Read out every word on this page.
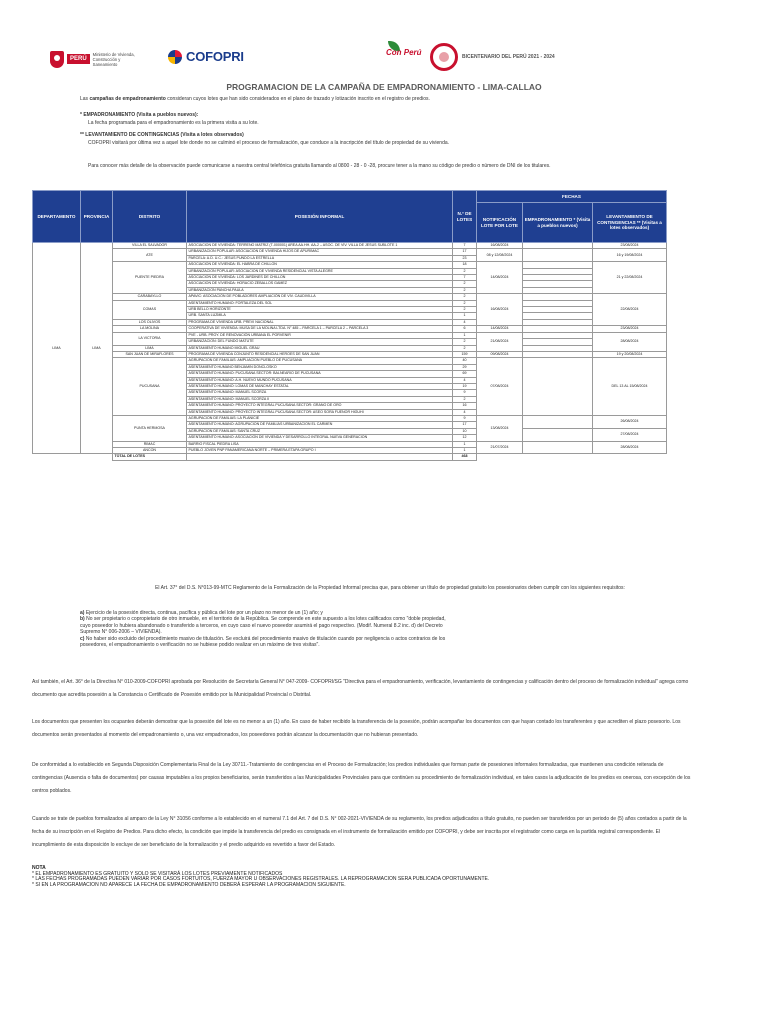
PERÚ
Ministerio de Vivienda, Construcción y Saneamiento	COFOPRI	Con Perú	BICENTENARIO DEL PERÚ 2021 - 2024
PROGRAMACION DE LA CAMPAÑA DE EMPADRONAMIENTO - LIMA-CALLAO

Las campañas de empadronamiento consideran cuyos lotes que han sido considerados en el plano de trazado y lotización inscrito en el registro de predios.

* EMPADRONAMIENTO (Visita a pueblos nuevos):

La fecha programada para el empadronamiento es la primera visita a su lote.

** LEVANTAMIENTO DE CONTINGENCIAS (Visita a lotes observados)

COFOPRI visitará por última vez a aquel lote donde no se culminó el proceso de formalización, que conduce a la inscripción del título de propiedad de su vivienda.

Para conocer más detalle de la observación puede comunicarse a nuestra central telefónica gratuita llamando al 0800 - 28 - 0 -28, procure tener a la mano su código de predio o número de DNI de los titulares.

DEPARTAMENTO	PROVINCIA	DISTRITO	POSESIÓN INFORMAL	N.° DE LOTES	FECHAS		
					NOTIFICACIÓN LOTE POR LOTE	EMPADRONAMIENTO * (Visita a pueblos nuevos)	LEVANTAMIENTO DE CONTINGENCIAS ** (Visitas a lotes observados)
LIMA	LIMA	VILLA EL SALVADOR	ASOCIACION DE VIVIENDA: TERRENO MATRIZ (T-000001) AREA AA.HH. AA-2 – ASOC. DE VIV. VILLA DE JESUS SUBLOTE 1	7	16/08/2024		23/08/2024
		ATE	URBANIZACION POPULAR: ASOCIACION DE VIVIENDA HIJOS DE APURIMAC	17	08 y 12/08/2024		16 y 19/08/2024
			PARCELA: A.D. U.C.: JESUS PUNDO LA ESTRELLA	23			
		PUENTE PIEDRA	ASOCIACION DE VIVIENDA: EL HABRA DE CHILLON	18	14/08/2024		21 y 22/08/2024
			URBANIZACION POPULAR: ASOCIACION DE VIVIENDA RESIDENCIAL VISTA ALEGRE	2			
			ASOCIACION DE VIVIENDA: LOS JARDINES DE CHILLON	7			
			ASOCIACION DE VIVIENDA: HORACIO ZEBALLOS GAMEZ	2			
			URBANIZACION PANCHA PAULA	2			
		CARABAYLLO	APAVIC: ASOCIACIÓN DE POBLADORES AMPLIACIÓN DE VIV. CAUDIVILLA	2	16/08/2024		22/08/2024
		COMAS	ASENTAMIENTO HUMANO: FORTALEZA DEL SOL	2			
			URB BELLO HORIZONTE	2			
			URB. SANTA LUZMILA	1			
		LOS OLIVOS	PROGRAMA DE VIVIENDA URB. PREVI NACIONAL	4			
		LA MOLINA	COOPERATIVA DE VIVIENDA: MUSA DE LA MOLINA LTDA. N° 485 – PARCELA 1 – PARCELA 2 – PARCELA 3	6	14/08/2024		23/08/2024
		LA VICTORIA	PVE - URB. PROY. DE RENOVACIÓN URBANA EL PORVENIR	1	21/08/2024		28/08/2024
			URBANIZACION: DEL FUNDO MATUTE	2			
		LIMA	ASENTAMIENTO HUMANO MIGUEL GRAU	2			
		SAN JUAN DE MIRAFLORES	PROGRAMA DE VIVIENDA CONJUNTO RESIDENCIAL HEROES DE SAN JUAN	159	09/08/2024		19 y 20/08/2024
		PUCUSANA	AGRUPACION DE FAMILIAS: AMPLIACION PUEBLO DE PUCUSANA	40	07/08/2024		DEL 13 AL 15/08/2024
			ASENTAMIENTO HUMANO BENJAMIN DONCLOSKO	29			
			ASENTAMIENTO HUMANO: PUCUSANA SECTOR: BALNEARIO DE PUCUSANA	69			
			ASENTAMIENTO HUMANO: A.H. NUEVO MUNDO PUCUSANA	4			
			ASENTAMIENTO HUMANO: LOMAS DE MANCHAY ESTATAL	19			
			ASENTAMIENTO HUMANO: MANUEL SCORZA	9			
			ASENTAMIENTO HUMANO: MANUEL SCORZA II	2			
			ASENTAMIENTO HUMANO: PROYECTO INTEGRAL PUCUSANA SECTOR: GRANO DE ORO	16			
			ASENTAMIENTO HUMANO: PROYECTO INTEGRAL PUCUSANA SECTOR: ASEO SORA FUENOR HIGUHI	4			
		PUNTA HERMOSA	AGRUPACION DE FAMILIAS: LA PLANICIE	9	13/08/2024		26/08/2024
			ASENTAMIENTO HUMANO: AGRUPACION DE FAMILIAS URBANIZACION EL CARMEN	17			
			AGRUPACION DE FAMILIAS: SANTA CRUZ	10			27/08/2024
			ASENTAMIENTO HUMANO: ASOCIACION DE VIVIENDA Y DESARROLLO INTEGRAL NUEVA GENERACION	12			
		RIMAC	BARRIO FISCAL PIEDRA LISA	1	21/07/2024		28/08/2024
		ANCON	PUEBLO JOVEN PNP PANAMERICANA NORTE – PRIMERA ETAPA GRUPO I	1			
		TOTAL DE LOTES		468			

El Art. 37° del D.S. N°013-99-MTC Reglamento de la Formalización de la Propiedad Informal precisa que, para obtener un título de propiedad gratuito los posesionarios deben cumplir con los siguientes requisitos:

a) Ejercicio de la posesión directa, continua, pacífica y pública del lote por un plazo no menor de un (1) año; y

b) No ser propietario o copropietario de otro inmueble, en el territorio de la República. Se comprende en este supuesto a los lotes calificados como "doble propiedad, cuyo poseedor lo hubiera abandonado o transferido a terceros, en cuyo caso el nuevo poseedor asumirá el pago respectivo. (Modif. Numeral 8.2 inc. d) del Decreto Supremo N° 006-2006 – VIVIENDA).

c) No haber sido excluido del procedimiento masivo de titulación. Se excluirá del procedimiento masivo de titulación cuando por negligencia o actos contrarios de los poseedores, el empadronamiento o verificación no se hubiese podido realizar en un máximo de tres visitas".

Así también, el Art. 36° de la Directiva N° 010-2009-COFOPRI aprobada por Resolución de Secretaría General N° 047-2009- COFOPRI/SG "Directiva para el empadronamiento, verificación, levantamiento de contingencias y calificación dentro del proceso de formalización individual" agrega como documento que acredita posesión a la Constancia o Certificado de Posesión emitido por la Municipalidad Provincial o Distrital.

Los documentos que presenten los ocupantes deberán demostrar que la posesión del lote es no menor a un (1) año. En caso de haber recibido la transferencia de la posesión, podrán acompañar los documentos con que hayan contado los transferentes y que acrediten el plazo posesorio. Los documentos serán presentados al momento del empadronamiento o, una vez empadronados, los poseedores podrán alcanzar la documentación que no hubieran presentado.

De conformidad a lo establecido en Segunda Disposición Complementaria Final de la Ley 30711.-Tratamiento de contingencias en el Proceso de Formalización; los predios individuales que forman parte de posesiones informales formalizadas, que mantienen una condición reiterada de contingencias (Ausencia o falta de documentos) por causas imputables a los propios beneficiarios, serán transferidos a las Municipalidades Provinciales para que continúen su procedimiento de formalización individual, en tales casos la adjudicación de los predios es onerosa, con excepción de los centros poblados.

Cuando se trate de pueblos formalizados al amparo de la Ley N° 31056 conforme a lo establecido en el numeral 7.1 del Art. 7 del D.S. N° 002-2021-VIVIENDA de su reglamento, los predios adjudicados a título gratuito, no pueden ser transferidos por un periodo de (5) años contados a partir de la fecha de su inscripción en el Registro de Predios. Para dicho efecto, la condición que impide la transferencia del predio es consignada en el instrumento de formalización emitido por COFOPRI, y debe ser inscrita por el registrador como carga en la partida registral correspondiente. El incumplimiento de esta disposición lo excluye de ser beneficiario de la formalización y el predio adquirido es revertido a favor del Estado.

NOTA

* EL EMPADRONAMIENTO ES GRATUITO Y SOLO SE VISITARÁ LOS LOTES PREVIAMENTE NOTIFICADOS

* LAS FECHAS PROGRAMADAS PUEDEN VARIAR POR CASOS FORTUITOS, FUERZA MAYOR U OBSERVACIONES REGISTRALES. LA REPROGRAMACION SERA PUBLICADA OPORTUNAMENTE.

* SI EN LA PROGRAMACION NO APARECE LA FECHA DE EMPADRONAMIENTO DEBERÁ ESPERAR LA PROGRAMACION SIGUIENTE.
